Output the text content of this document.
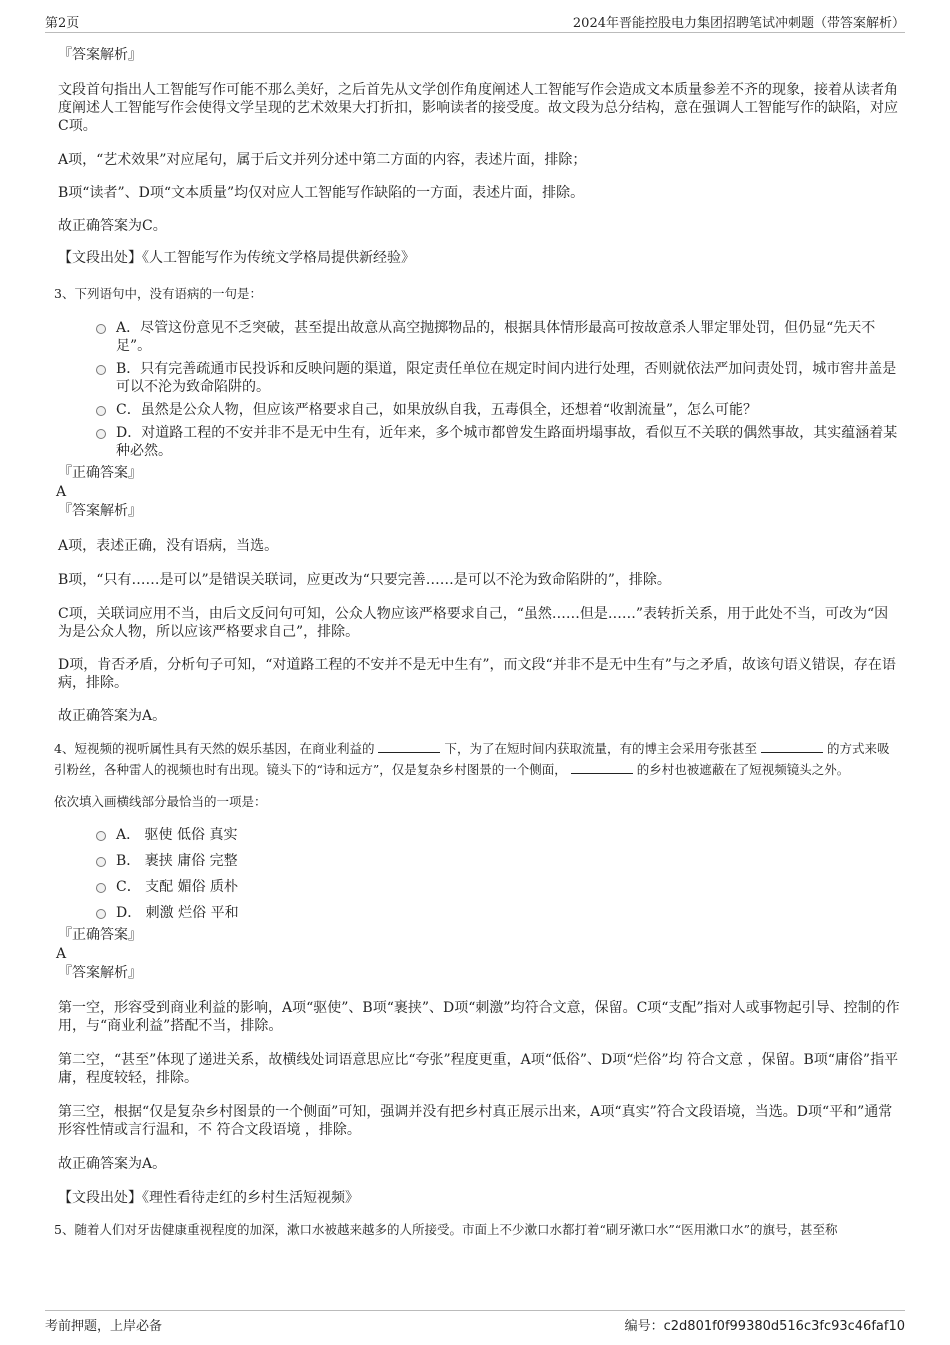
第2页	2024年晋能控股电力集团招聘笔试冲刺题（带答案解析）

『答案解析』

文段首句指出人工智能写作可能不那么美好，之后首先从文学创作角度阐述人工智能写作会造成文本质量参差不齐的现象，接着从读者角度阐述人工智能写作会使得文学呈现的艺术效果大打折扣，影响读者的接受度。故文段为总分结构，意在强调人工智能写作的缺陷，对应C项。

A项，“艺术效果”对应尾句，属于后文并列分述中第二方面的内容，表述片面，排除；

B项“读者”、D项“文本质量”均仅对应人工智能写作缺陷的一方面，表述片面，排除。

故正确答案为C。

【文段出处】《人工智能写作为传统文学格局提供新经验》

3、下列语句中，没有语病的一句是：

A．尽管这份意见不乏突破，甚至提出故意从高空抛掷物品的，根据具体情形最高可按故意杀人罪定罪处罚，但仍显“先天不足”。
B．只有完善疏通市民投诉和反映问题的渠道，限定责任单位在规定时间内进行处理，否则就依法严加问责处罚，城市窖井盖是可以不沦为致命陷阱的。
C．虽然是公众人物，但应该严格要求自己，如果放纵自我，五毒俱全，还想着“收割流量”，怎么可能？
D．对道路工程的不安并非不是无中生有，近年来，多个城市都曾发生路面坍塌事故，看似互不关联的偶然事故，其实蕴涵着某种必然。

『正确答案』

A

『答案解析』

A项，表述正确，没有语病，当选。

B项，“只有……是可以”是错误关联词，应更改为“只要完善……是可以不沦为致命陷阱的”，排除。

C项，关联词应用不当，由后文反问句可知，公众人物应该严格要求自己，“虽然……但是……”表转折关系，用于此处不当，可改为“因为是公众人物，所以应该严格要求自己”，排除。

D项，肯否矛盾，分析句子可知，“对道路工程的不安并不是无中生有”，而文段“并非不是无中生有”与之矛盾，故该句语义错误，存在语病，排除。

故正确答案为A。

4、短视频的视听属性具有天然的娱乐基因，在商业利益的	下，为了在短时间内获取流量，有的博主会采用夸张甚至	的方式来吸引粉丝，各种雷人的视频也时有出现。镜头下的“诗和远方”，仅是复杂乡村图景的一个侧面，	的乡村也被遮蔽在了短视频镜头之外。

依次填入画横线部分最恰当的一项是：

A． 驱使 低俗 真实
B． 裹挟 庸俗 完整
C． 支配 媚俗 质朴
D． 刺激 烂俗 平和

『正确答案』

A

『答案解析』

第一空，形容受到商业利益的影响，A项“驱使”、B项“裹挟”、D项“刺激”均符合文意，保留。C项“支配”指对人或事物起引导、控制的作用，与“商业利益”搭配不当，排除。

第二空，“甚至”体现了递进关系，故横线处词语意思应比“夸张”程度更重，A项“低俗”、D项“烂俗”均 符合文意 ，保留。B项“庸俗”指平庸，程度较轻，排除。

第三空，根据“仅是复杂乡村图景的一个侧面”可知，强调并没有把乡村真正展示出来，A项“真实”符合文段语境，当选。D项“平和”通常形容性情或言行温和，不 符合文段语境 ，排除。

故正确答案为A。

【文段出处】《理性看待走红的乡村生活短视频》

5、随着人们对牙齿健康重视程度的加深，漱口水被越来越多的人所接受。市面上不少漱口水都打着“刷牙漱口水”“医用漱口水”的旗号，甚至称

考前押题，上岸必备	编号：c2d801f0f99380d516c3fc93c46faf10
